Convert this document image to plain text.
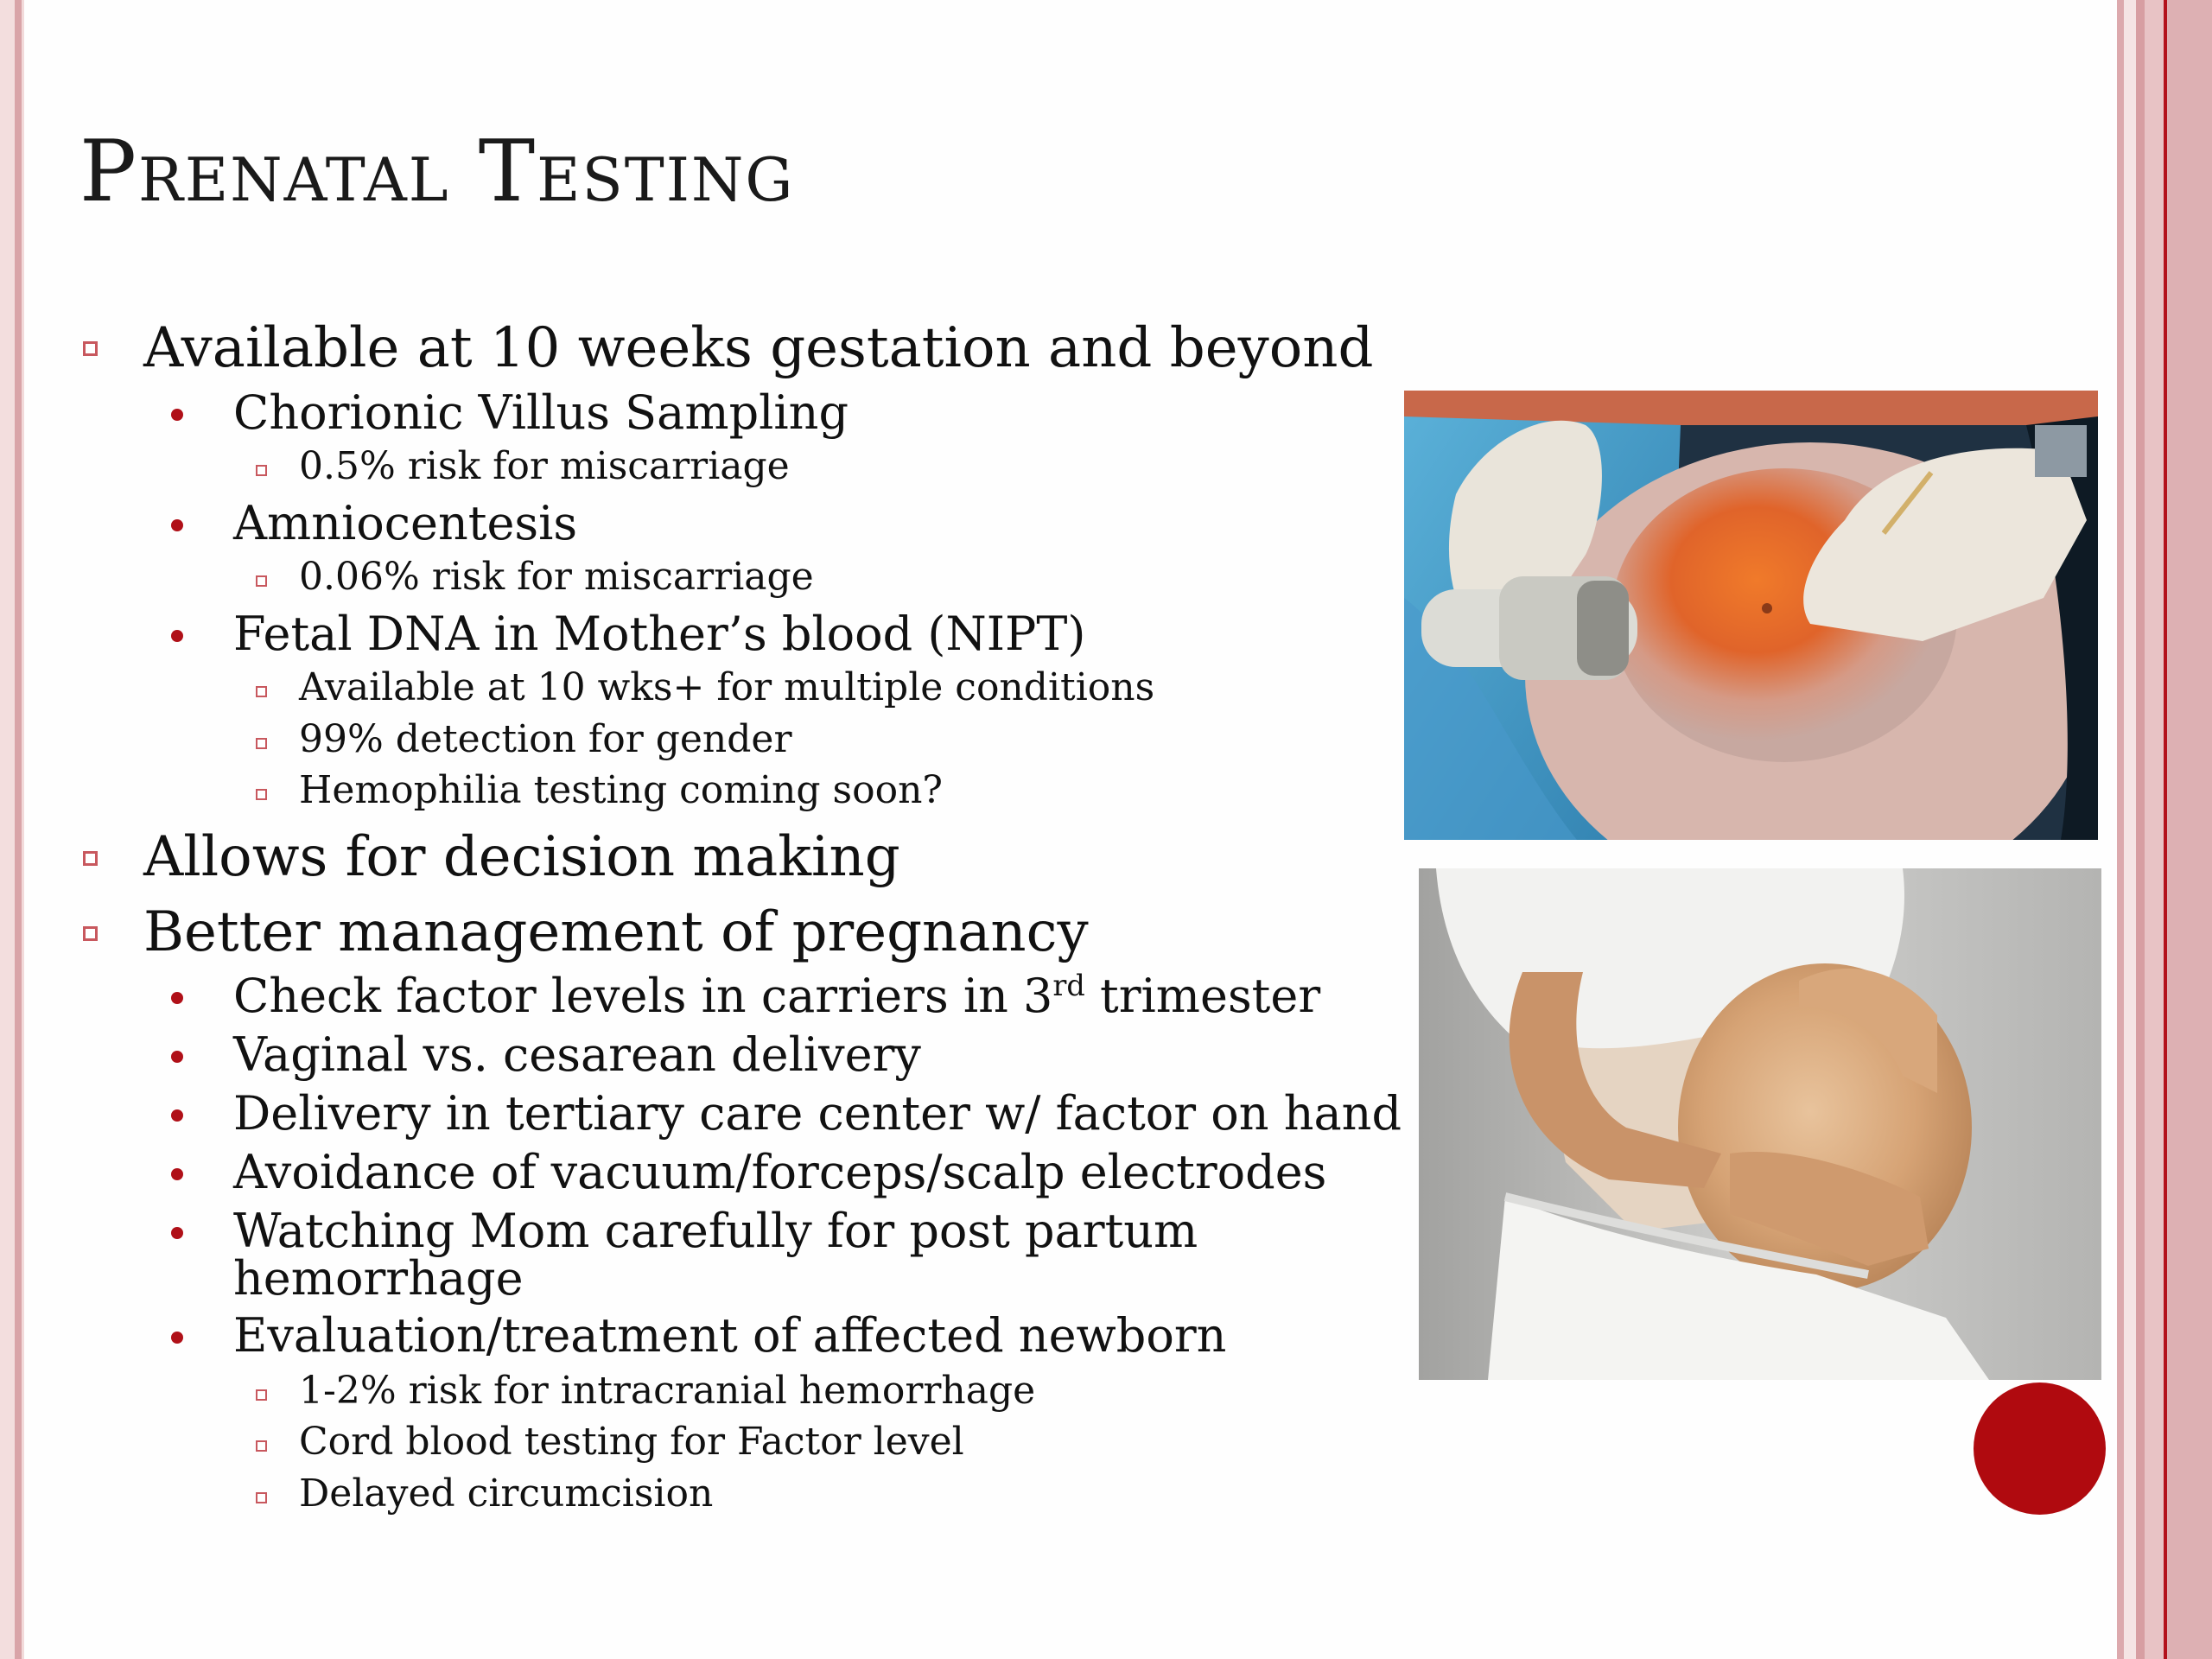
Prenatal Testing
Available at 10 weeks gestation and beyond
Chorionic Villus Sampling
0.5% risk for miscarriage
Amniocentesis
0.06% risk for miscarriage
Fetal DNA in Mother’s blood (NIPT)
Available at 10 wks+ for multiple conditions
99% detection for gender
Hemophilia testing coming soon?
Allows for decision making
Better management of pregnancy
Check factor levels in carriers in 3rd trimester
Vaginal vs. cesarean delivery
Delivery in tertiary care center w/ factor on hand
Avoidance of vacuum/forceps/scalp electrodes
Watching Mom carefully for post partum
hemorrhage
Evaluation/treatment of affected newborn
1-2% risk for intracranial hemorrhage
Cord blood testing for Factor level
Delayed circumcision
